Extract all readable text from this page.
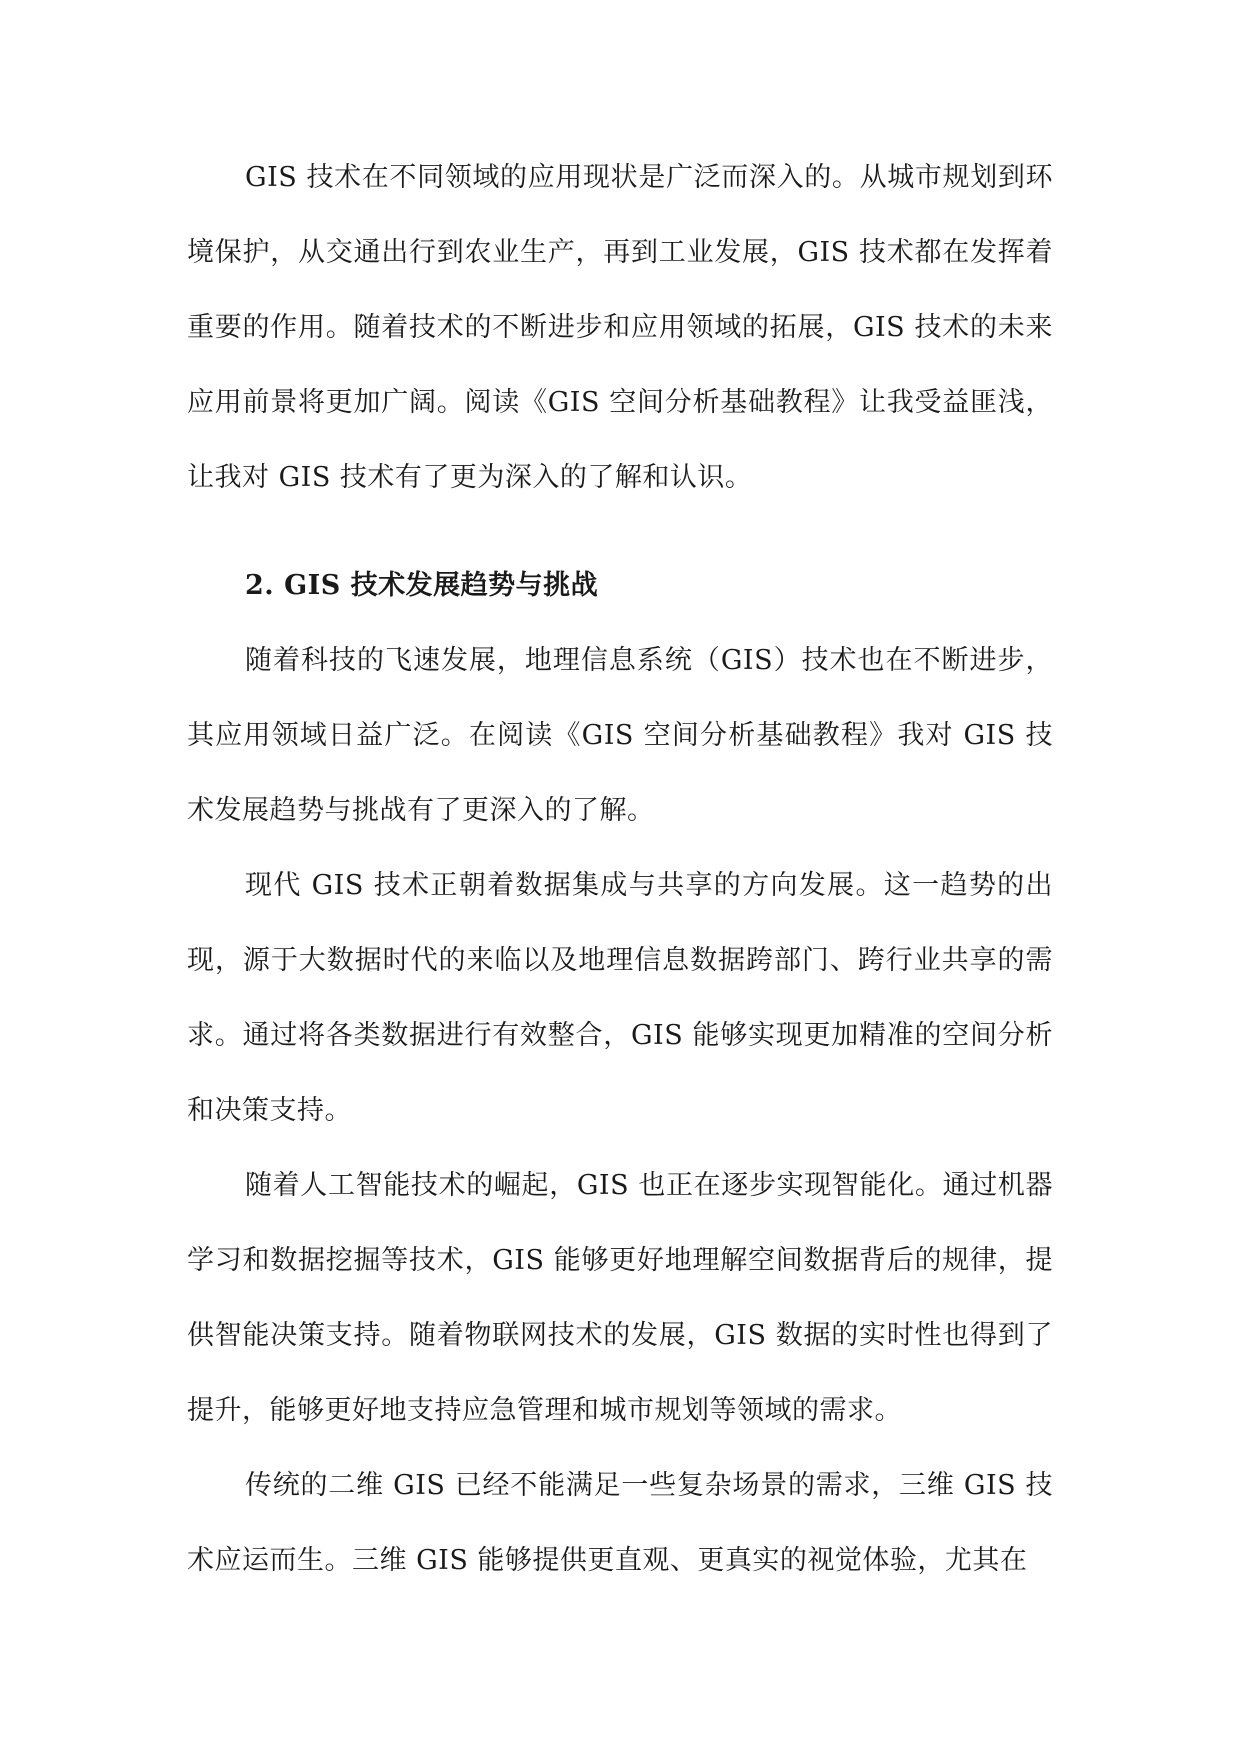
GIS 技术在不同领域的应用现状是广泛而深入的。从城市规划到环境保护，从交通出行到农业生产，再到工业发展，GIS 技术都在发挥着重要的作用。随着技术的不断进步和应用领域的拓展，GIS 技术的未来应用前景将更加广阔。阅读《GIS 空间分析基础教程》让我受益匪浅，让我对 GIS 技术有了更为深入的了解和认识。

2. GIS 技术发展趋势与挑战

随着科技的飞速发展，地理信息系统（GIS）技术也在不断进步，其应用领域日益广泛。在阅读《GIS 空间分析基础教程》我对 GIS 技术发展趋势与挑战有了更深入的了解。

现代 GIS 技术正朝着数据集成与共享的方向发展。这一趋势的出现，源于大数据时代的来临以及地理信息数据跨部门、跨行业共享的需求。通过将各类数据进行有效整合，GIS 能够实现更加精准的空间分析和决策支持。

随着人工智能技术的崛起，GIS 也正在逐步实现智能化。通过机器学习和数据挖掘等技术，GIS 能够更好地理解空间数据背后的规律，提供智能决策支持。随着物联网技术的发展，GIS 数据的实时性也得到了提升，能够更好地支持应急管理和城市规划等领域的需求。

传统的二维 GIS 已经不能满足一些复杂场景的需求，三维 GIS 技术应运而生。三维 GIS 能够提供更直观、更真实的视觉体验，尤其在
